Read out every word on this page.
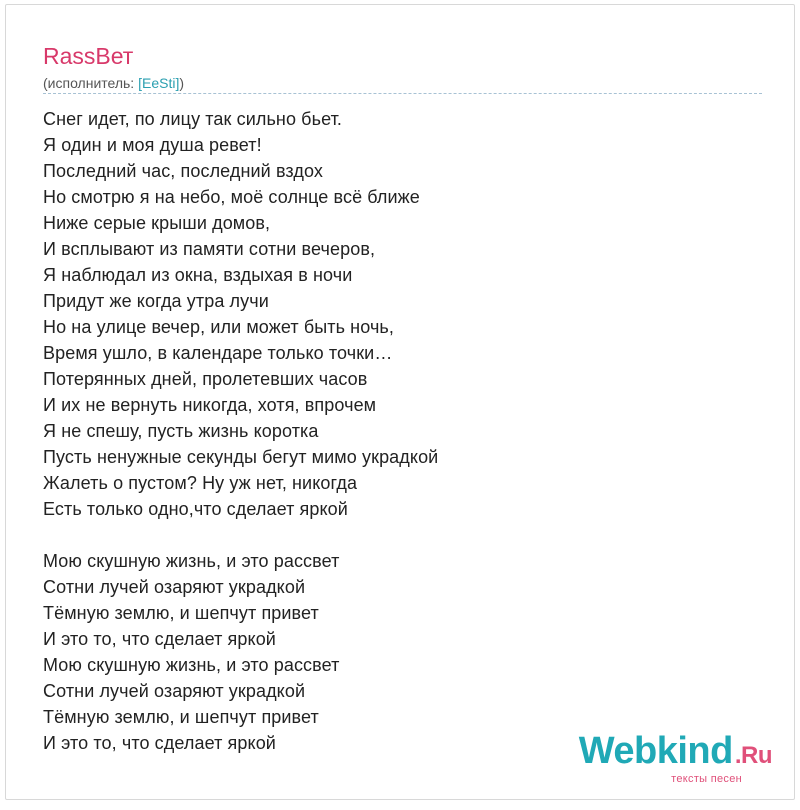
RassВет
(исполнитель: [EeSti])
Снег идет, по лицу так сильно бьет.
Я один и моя душа ревет!
Последний час, последний вздох
Но смотрю я на небо, моё солнце всё ближе
Ниже серые крыши домов,
И всплывают из памяти сотни вечеров,
Я наблюдал из окна, вздыхая в ночи
Придут же когда утра лучи
Но на улице вечер, или может быть ночь,
Время ушло, в календаре только точки…
Потерянных дней, пролетевших часов
И их не вернуть никогда, хотя, впрочем
Я не спешу, пусть жизнь коротка
Пусть ненужные секунды бегут мимо украдкой
Жалеть о пустом? Ну уж нет, никогда
Есть только одно,что сделает яркой
Мою скушную жизнь, и это рассвет
Сотни лучей озаряют украдкой
Тёмную землю, и шепчут привет
И это то, что сделает яркой
Мою скушную жизнь, и это рассвет
Сотни лучей озаряют украдкой
Тёмную землю, и шепчут привет
И это то, что сделает яркой	Webkind.Ru
тексты песен
